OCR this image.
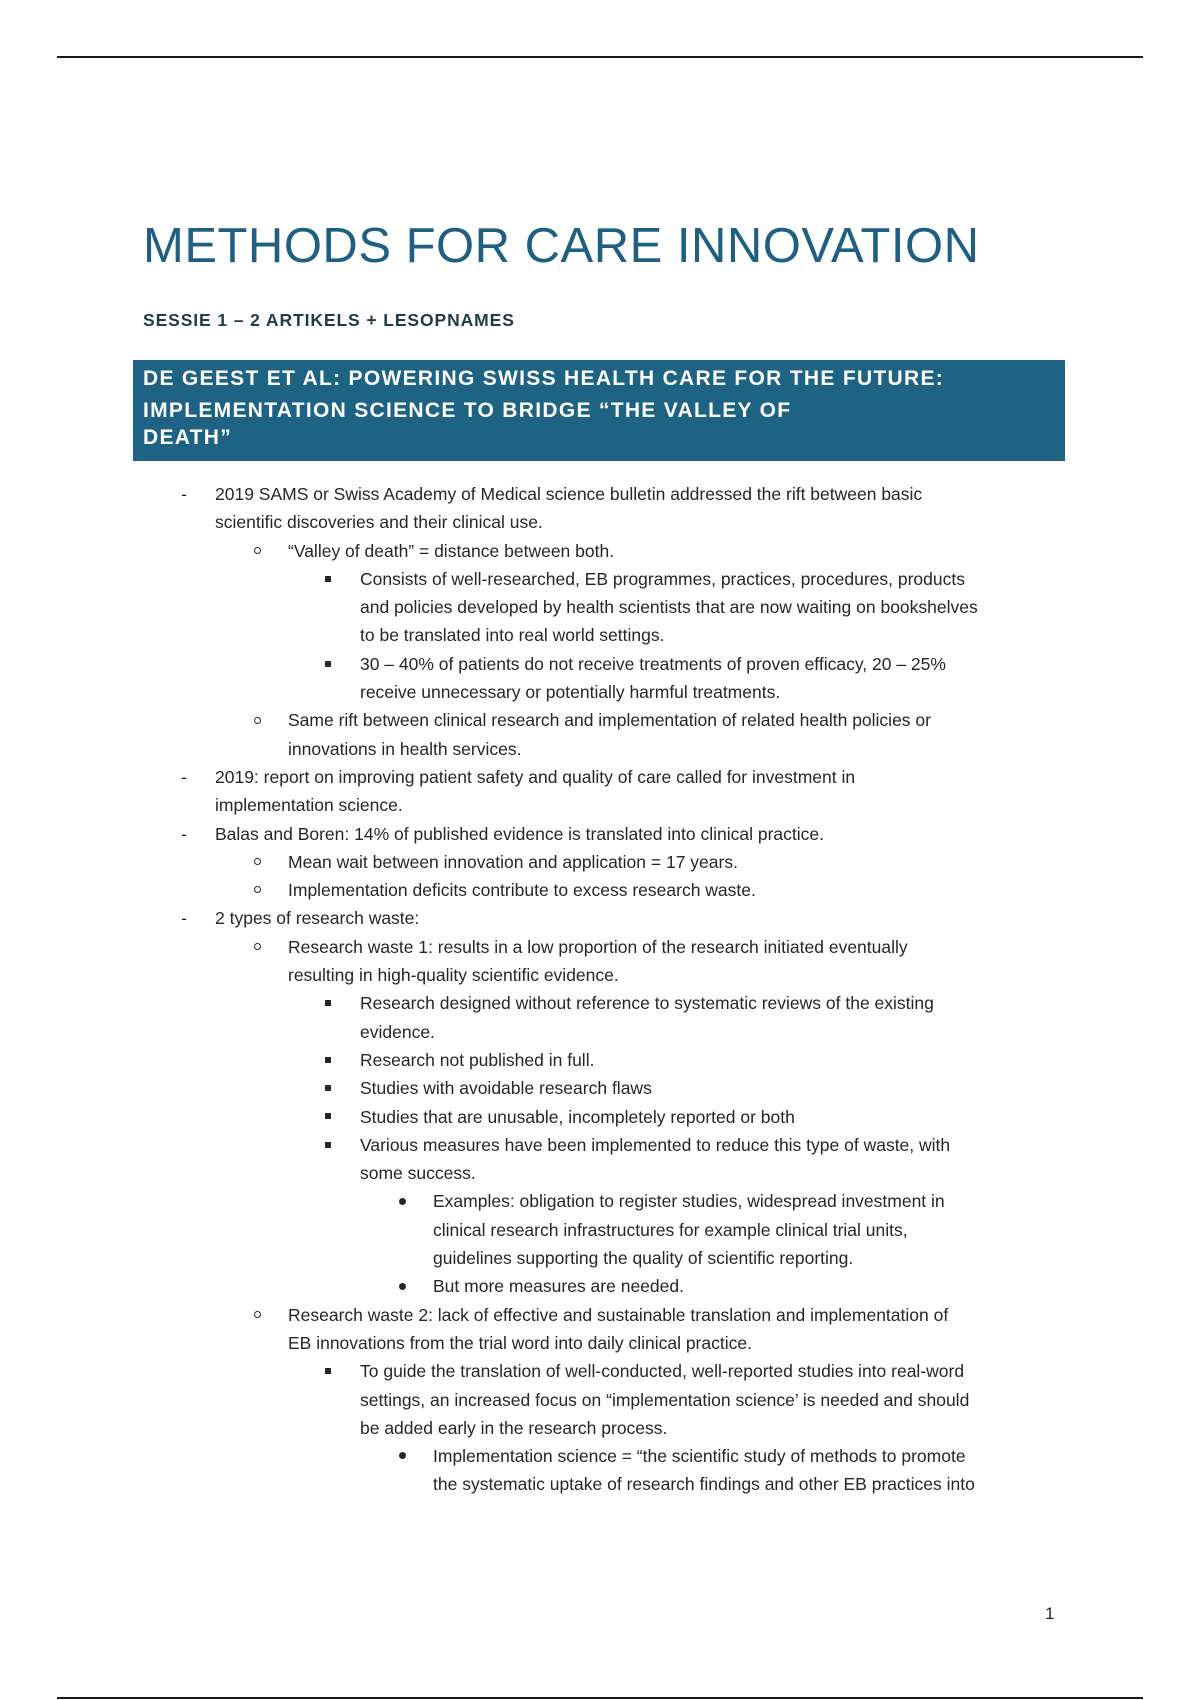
METHODS FOR CARE INNOVATION
SESSIE 1 – 2 ARTIKELS + LESOPNAMES
DE GEEST ET AL: POWERING SWISS HEALTH CARE FOR THE FUTURE:
IMPLEMENTATION SCIENCE TO BRIDGE “THE VALLEY OF
DEATH”
- 2019 SAMS or Swiss Academy of Medical science bulletin addressed the rift between basic
scientific discoveries and their clinical use.
“Valley of death” = distance between both.
Consists of well-researched, EB programmes, practices, procedures, products
and policies developed by health scientists that are now waiting on bookshelves
to be translated into real world settings.
30 – 40% of patients do not receive treatments of proven efficacy, 20 – 25%
receive unnecessary or potentially harmful treatments.
Same rift between clinical research and implementation of related health policies or
innovations in health services.
- 2019: report on improving patient safety and quality of care called for investment in
implementation science.
- Balas and Boren: 14% of published evidence is translated into clinical practice.
Mean wait between innovation and application = 17 years.
Implementation deficits contribute to excess research waste.
- 2 types of research waste:
Research waste 1: results in a low proportion of the research initiated eventually
resulting in high-quality scientific evidence.
Research designed without reference to systematic reviews of the existing
evidence.
Research not published in full.
Studies with avoidable research flaws
Studies that are unusable, incompletely reported or both
Various measures have been implemented to reduce this type of waste, with
some success.
Examples: obligation to register studies, widespread investment in
clinical research infrastructures for example clinical trial units,
guidelines supporting the quality of scientific reporting.
But more measures are needed.
Research waste 2: lack of effective and sustainable translation and implementation of
EB innovations from the trial word into daily clinical practice.
To guide the translation of well-conducted, well-reported studies into real-word
settings, an increased focus on “implementation science’ is needed and should
be added early in the research process.
Implementation science = “the scientific study of methods to promote
the systematic uptake of research findings and other EB practices into
1
